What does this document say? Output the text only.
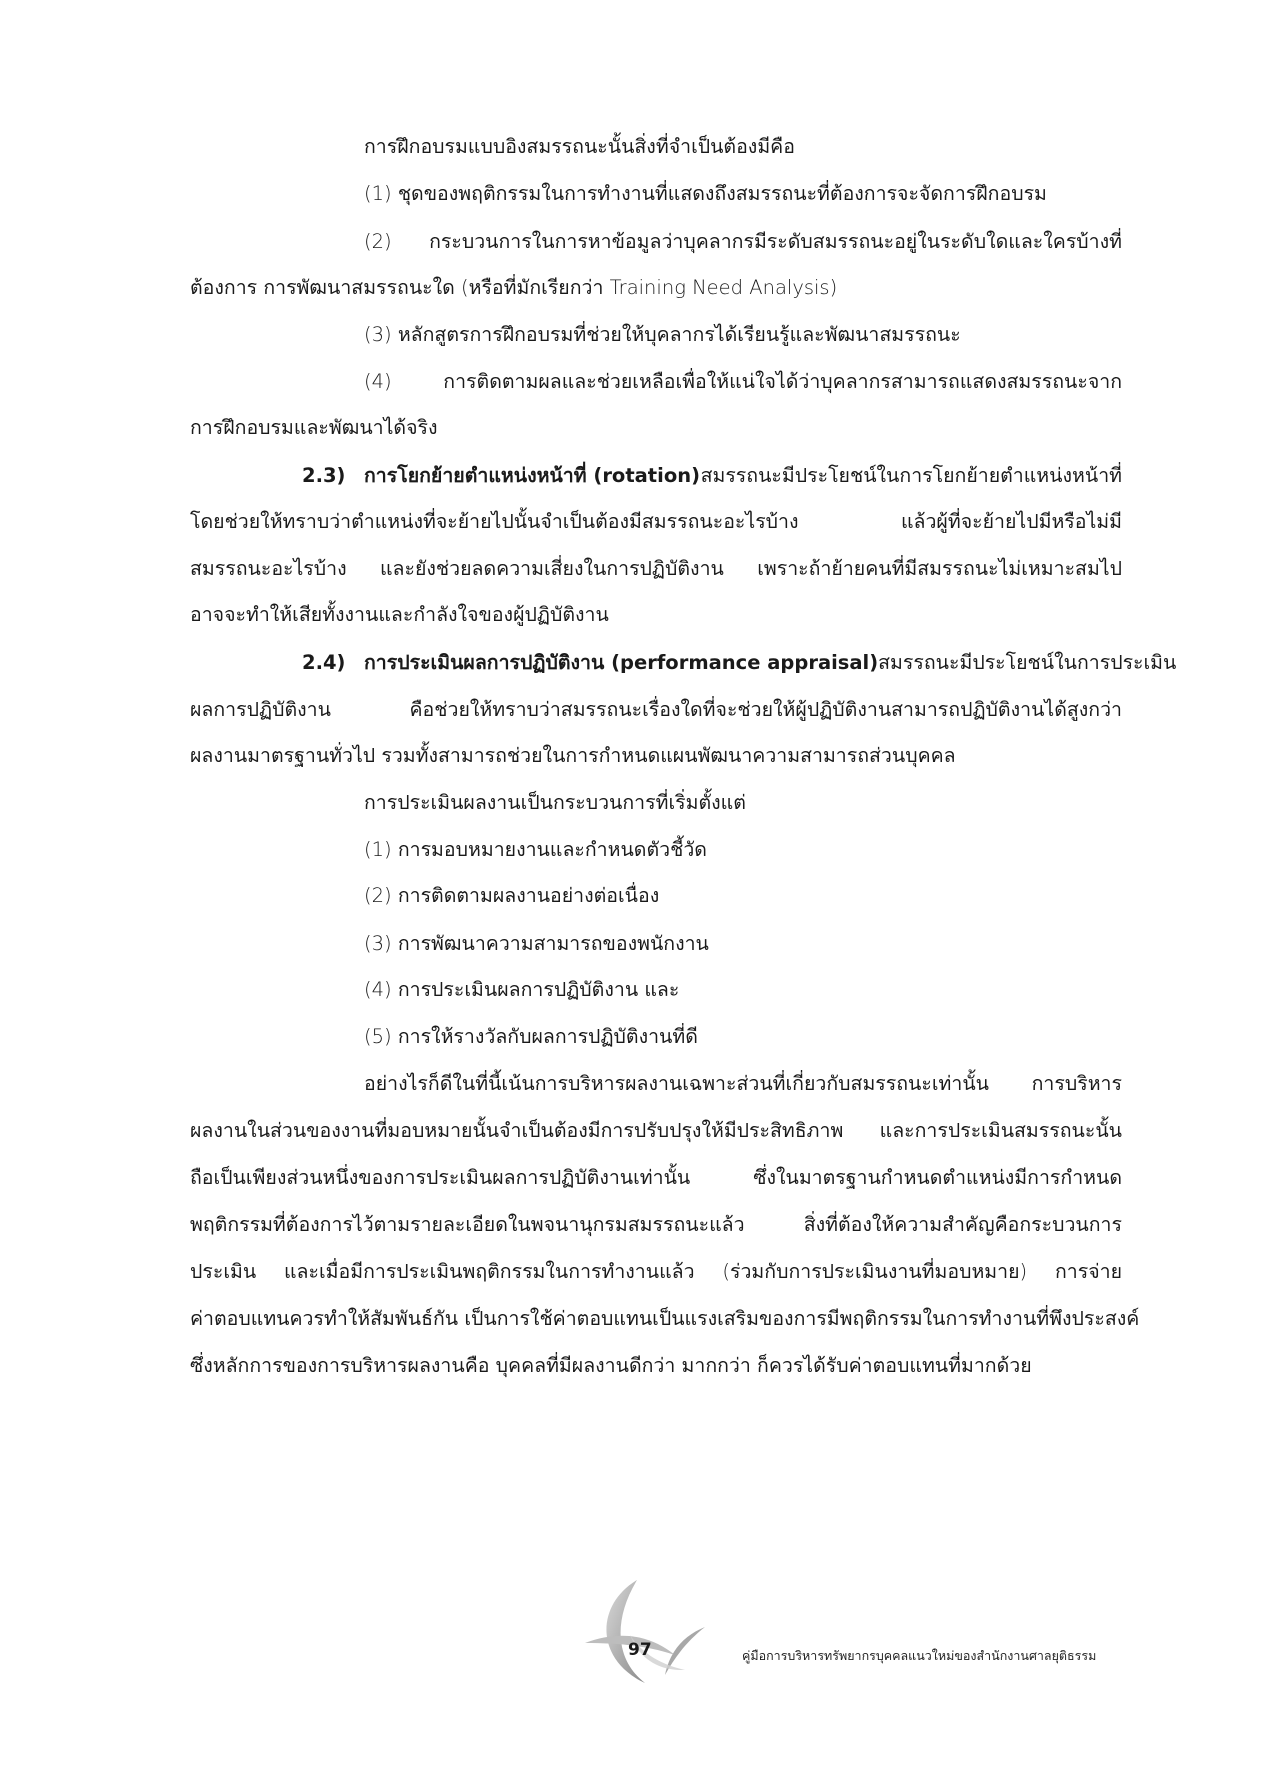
การฝึกอบรมแบบอิงสมรรถนะนั้นสิ่งที่จำเป็นต้องมีคือ
(1) ชุดของพฤติกรรมในการทำงานที่แสดงถึงสมรรถนะที่ต้องการจะจัดการฝึกอบรม
(2) กระบวนการในการหาข้อมูลว่าบุคลากรมีระดับสมรรถนะอยู่ในระดับใดและใครบ้างที่
ต้องการ การพัฒนาสมรรถนะใด (หรือที่มักเรียกว่า Training Need Analysis)
(3) หลักสูตรการฝึกอบรมที่ช่วยให้บุคลากรได้เรียนรู้และพัฒนาสมรรถนะ
(4) การติดตามผลและช่วยเหลือเพื่อให้แน่ใจได้ว่าบุคลากรสามารถแสดงสมรรถนะจาก
การฝึกอบรมและพัฒนาได้จริง
2.3) การโยกย้ายตำแหน่งหน้าที่ (rotation) สมรรถนะมีประโยชน์ในการโยกย้ายตำแหน่งหน้าที่
โดยช่วยให้ทราบว่าตำแหน่งที่จะย้ายไปนั้นจำเป็นต้องมีสมรรถนะอะไรบ้าง แล้วผู้ที่จะย้ายไปมีหรือไม่มี
สมรรถนะอะไรบ้าง และยังช่วยลดความเสี่ยงในการปฏิบัติงาน เพราะถ้าย้ายคนที่มีสมรรถนะไม่เหมาะสมไป
อาจจะทำให้เสียทั้งงานและกำลังใจของผู้ปฏิบัติงาน
2.4) การประเมินผลการปฏิบัติงาน (performance appraisal) สมรรถนะมีประโยชน์ในการประเมิน
ผลการปฏิบัติงาน คือช่วยให้ทราบว่าสมรรถนะเรื่องใดที่จะช่วยให้ผู้ปฏิบัติงานสามารถปฏิบัติงานได้สูงกว่า
ผลงานมาตรฐานทั่วไป รวมทั้งสามารถช่วยในการกำหนดแผนพัฒนาความสามารถส่วนบุคคล
การประเมินผลงานเป็นกระบวนการที่เริ่มตั้งแต่
(1) การมอบหมายงานและกำหนดตัวชี้วัด
(2) การติดตามผลงานอย่างต่อเนื่อง
(3) การพัฒนาความสามารถของพนักงาน
(4) การประเมินผลการปฏิบัติงาน และ
(5) การให้รางวัลกับผลการปฏิบัติงานที่ดี
อย่างไรก็ดีในที่นี้เน้นการบริหารผลงานเฉพาะส่วนที่เกี่ยวกับสมรรถนะเท่านั้น การบริหาร
ผลงานในส่วนของงานที่มอบหมายนั้นจำเป็นต้องมีการปรับปรุงให้มีประสิทธิภาพ และการประเมินสมรรถนะนั้น
ถือเป็นเพียงส่วนหนึ่งของการประเมินผลการปฏิบัติงานเท่านั้น ซึ่งในมาตรฐานกำหนดตำแหน่งมีการกำหนด
พฤติกรรมที่ต้องการไว้ตามรายละเอียดในพจนานุกรมสมรรถนะแล้ว สิ่งที่ต้องให้ความสำคัญคือกระบวนการ
ประเมิน และเมื่อมีการประเมินพฤติกรรมในการทำงานแล้ว (ร่วมกับการประเมินงานที่มอบหมาย) การจ่าย
ค่าตอบแทนควรทำให้สัมพันธ์กัน เป็นการใช้ค่าตอบแทนเป็นแรงเสริมของการมีพฤติกรรมในการทำงานที่พึงประสงค์
ซึ่งหลักการของการบริหารผลงานคือ บุคคลที่มีผลงานดีกว่า มากกว่า ก็ควรได้รับค่าตอบแทนที่มากด้วย
97	คู่มือการบริหารทรัพยากรบุคคลแนวใหม่ของสำนักงานศาลยุติธรรม
